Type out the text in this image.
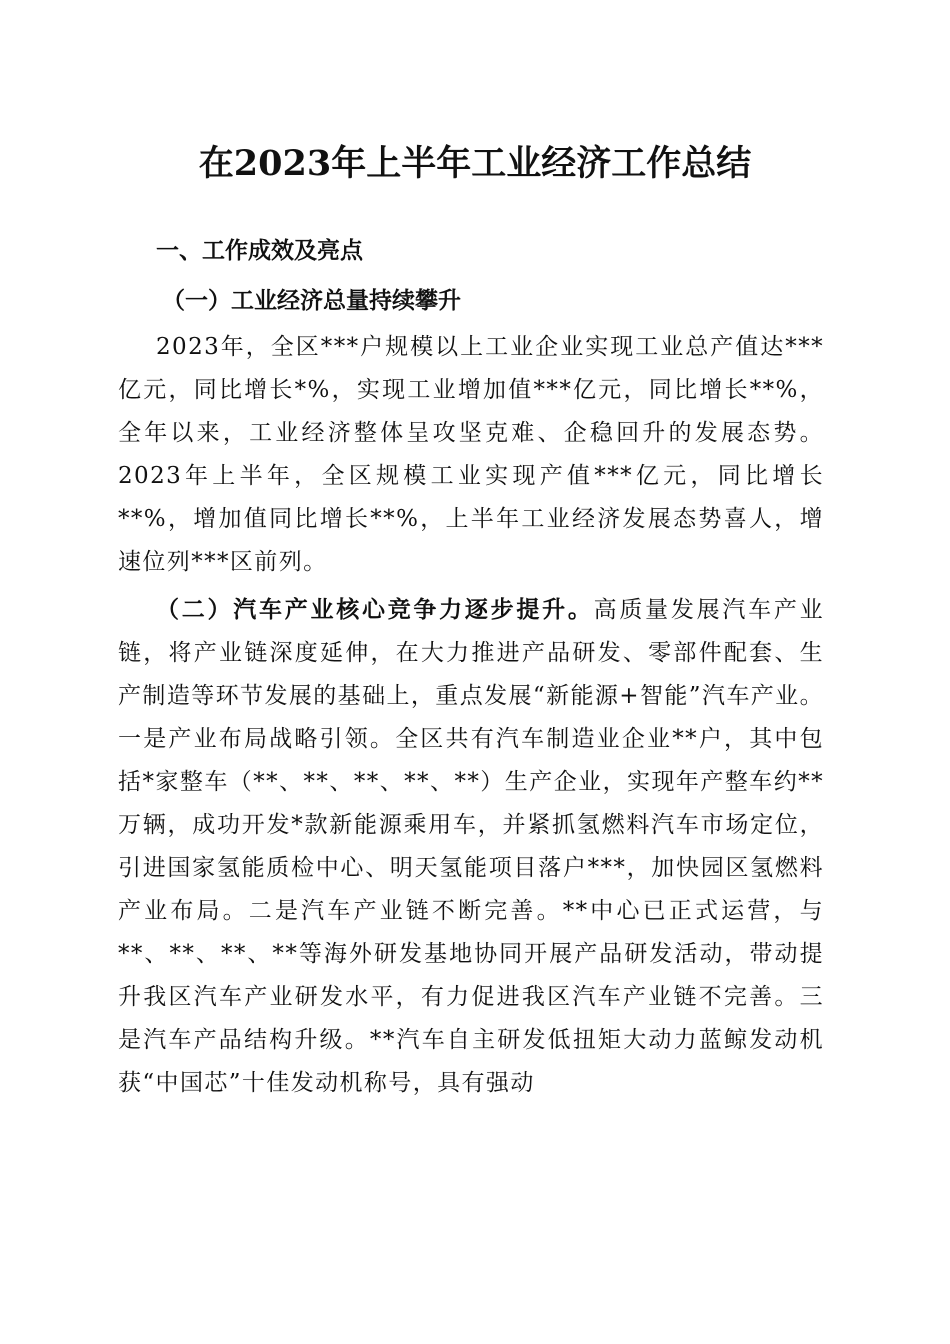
在2023年上半年工业经济工作总结

一、工作成效及亮点

（一）工业经济总量持续攀升

2023年，全区***户规模以上工业企业实现工业总产值达***亿元，同比增长*%，实现工业增加值***亿元，同比增长**%，全年以来，工业经济整体呈攻坚克难、企稳回升的发展态势。2023年上半年，全区规模工业实现产值***亿元，同比增长**%，增加值同比增长**%，上半年工业经济发展态势喜人，增速位列***区前列。

（二）汽车产业核心竞争力逐步提升。高质量发展汽车产业链，将产业链深度延伸，在大力推进产品研发、零部件配套、生产制造等环节发展的基础上，重点发展“新能源+智能”汽车产业。一是产业布局战略引领。全区共有汽车制造业企业**户，其中包括*家整车（**、**、**、**、**）生产企业，实现年产整车约**万辆，成功开发*款新能源乘用车，并紧抓氢燃料汽车市场定位，引进国家氢能质检中心、明天氢能项目落户***，加快园区氢燃料产业布局。二是汽车产业链不断完善。**中心已正式运营，与**、**、**、**等海外研发基地协同开展产品研发活动，带动提升我区汽车产业研发水平，有力促进我区汽车产业链不完善。三是汽车产品结构升级。**汽车自主研发低扭矩大动力蓝鲸发动机获“中国芯”十佳发动机称号，具有强动
